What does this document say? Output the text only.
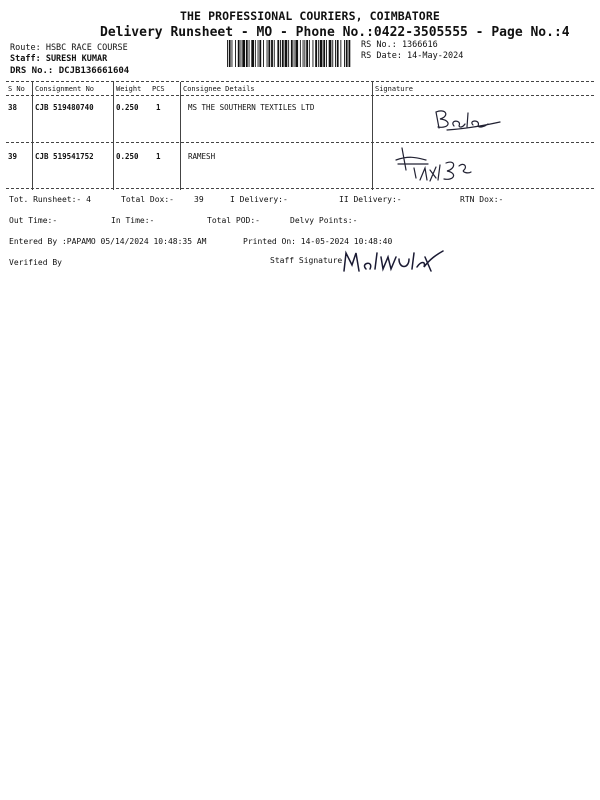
THE PROFESSIONAL COURIERS, COIMBATORE
Delivery Runsheet - MO - Phone No.:0422-3505555 - Page No.:4
Route: HSBC RACE COURSE
Staff: SURESH KUMAR
DRS No.: DCJB136661604
RS No.: 1366616
RS Date: 14-May-2024
S No Consignment No	Weight PCS	Consignee Details	Signature
38 CJB 519480740	0.250 1	MS THE SOUTHERN TEXTILES LTD
39 CJB 519541752	0.250 1	RAMESH
Tot. Runsheet:- 4	Total Dox:-	39	I Delivery:-	II Delivery:-	RTN Dox:-
Out Time:-	In Time:-	Total POD:-	Delvy Points:-
Entered By :PAPAMO 05/14/2024 10:48:35 AM	Printed On: 14-05-2024 10:48:40
Verified By	Staff Signature
